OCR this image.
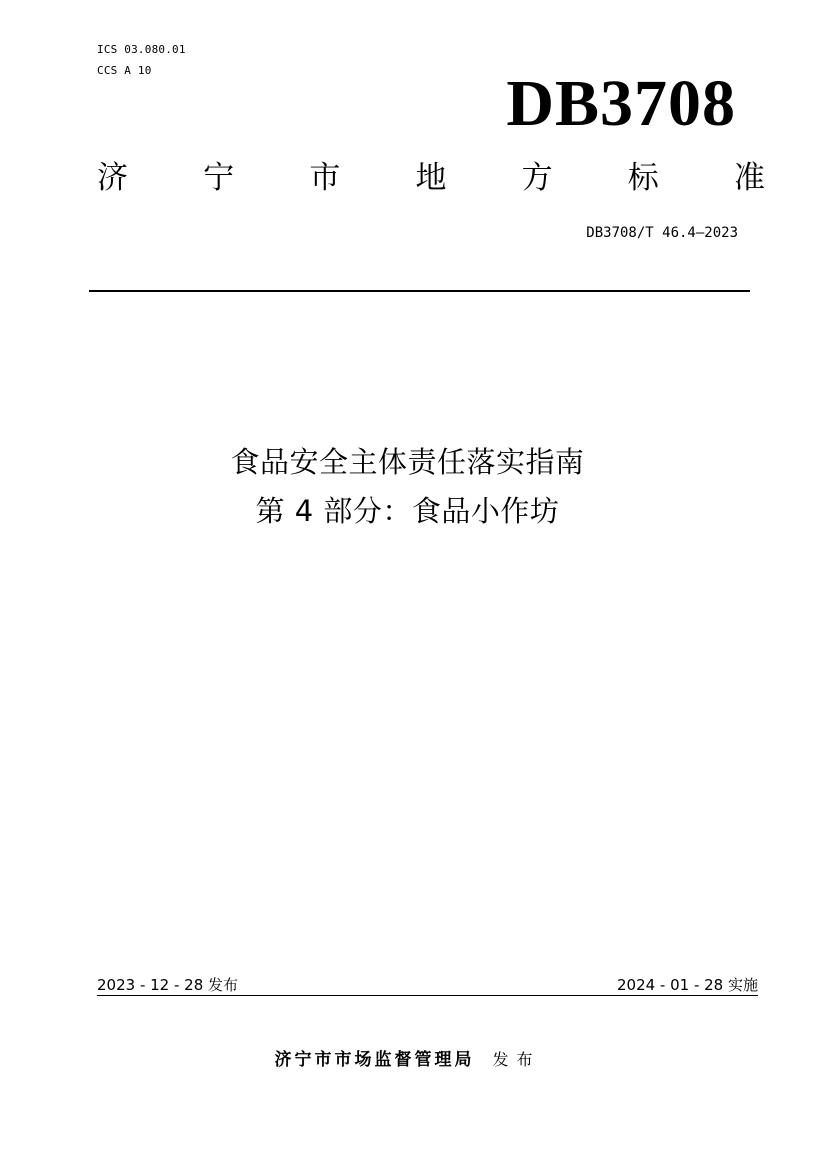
ICS 03.080.01
CCS A 10	DB3708
济 宁 市 地 方 标 准
DB3708/T 46.4—2023
食品安全主体责任落实指南
第 4 部分：食品小作坊
2023 - 12 - 28 发布	2024 - 01 - 28 实施
济宁市市场监督管理局 发布
